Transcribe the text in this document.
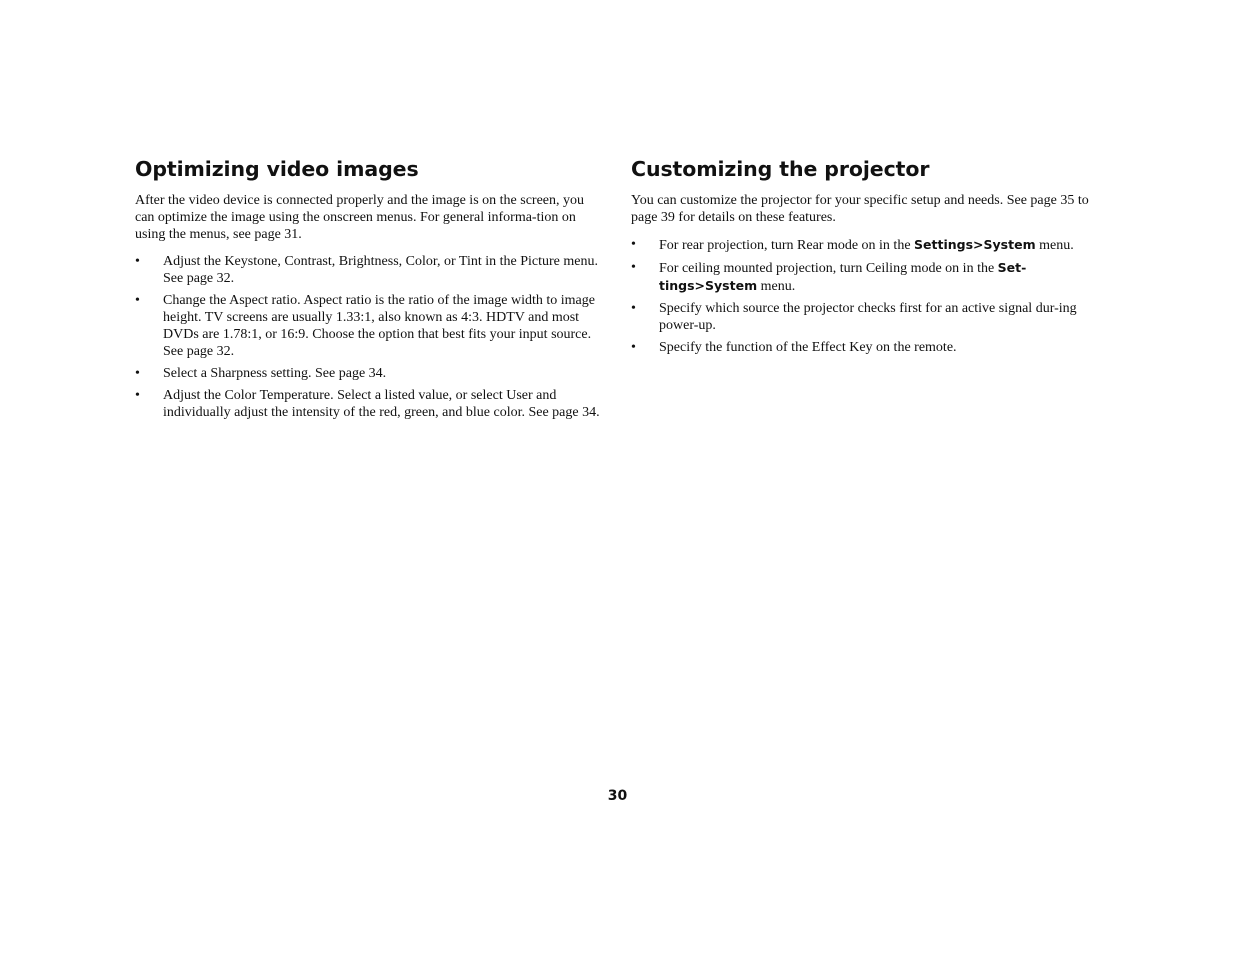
Optimizing video images

After the video device is connected properly and the image is on the screen, you can optimize the image using the onscreen menus. For general informa-tion on using the menus, see page 31.

•	Adjust the Keystone, Contrast, Brightness, Color, or Tint in the Picture menu. See page 32.
•	Change the Aspect ratio. Aspect ratio is the ratio of the image width to image height. TV screens are usually 1.33:1, also known as 4:3. HDTV and most DVDs are 1.78:1, or 16:9. Choose the option that best fits your input source. See page 32.
•	Select a Sharpness setting. See page 34.
•	Adjust the Color Temperature. Select a listed value, or select User and individually adjust the intensity of the red, green, and blue color. See page 34.
Customizing the projector

You can customize the projector for your specific setup and needs. See page 35 to page 39 for details on these features.

•	For rear projection, turn Rear mode on in the Settings>System menu.
•	For ceiling mounted projection, turn Ceiling mode on in the Set-tings>System menu.
•	Specify which source the projector checks first for an active signal dur-ing power-up.
•	Specify the function of the Effect Key on the remote.
30
